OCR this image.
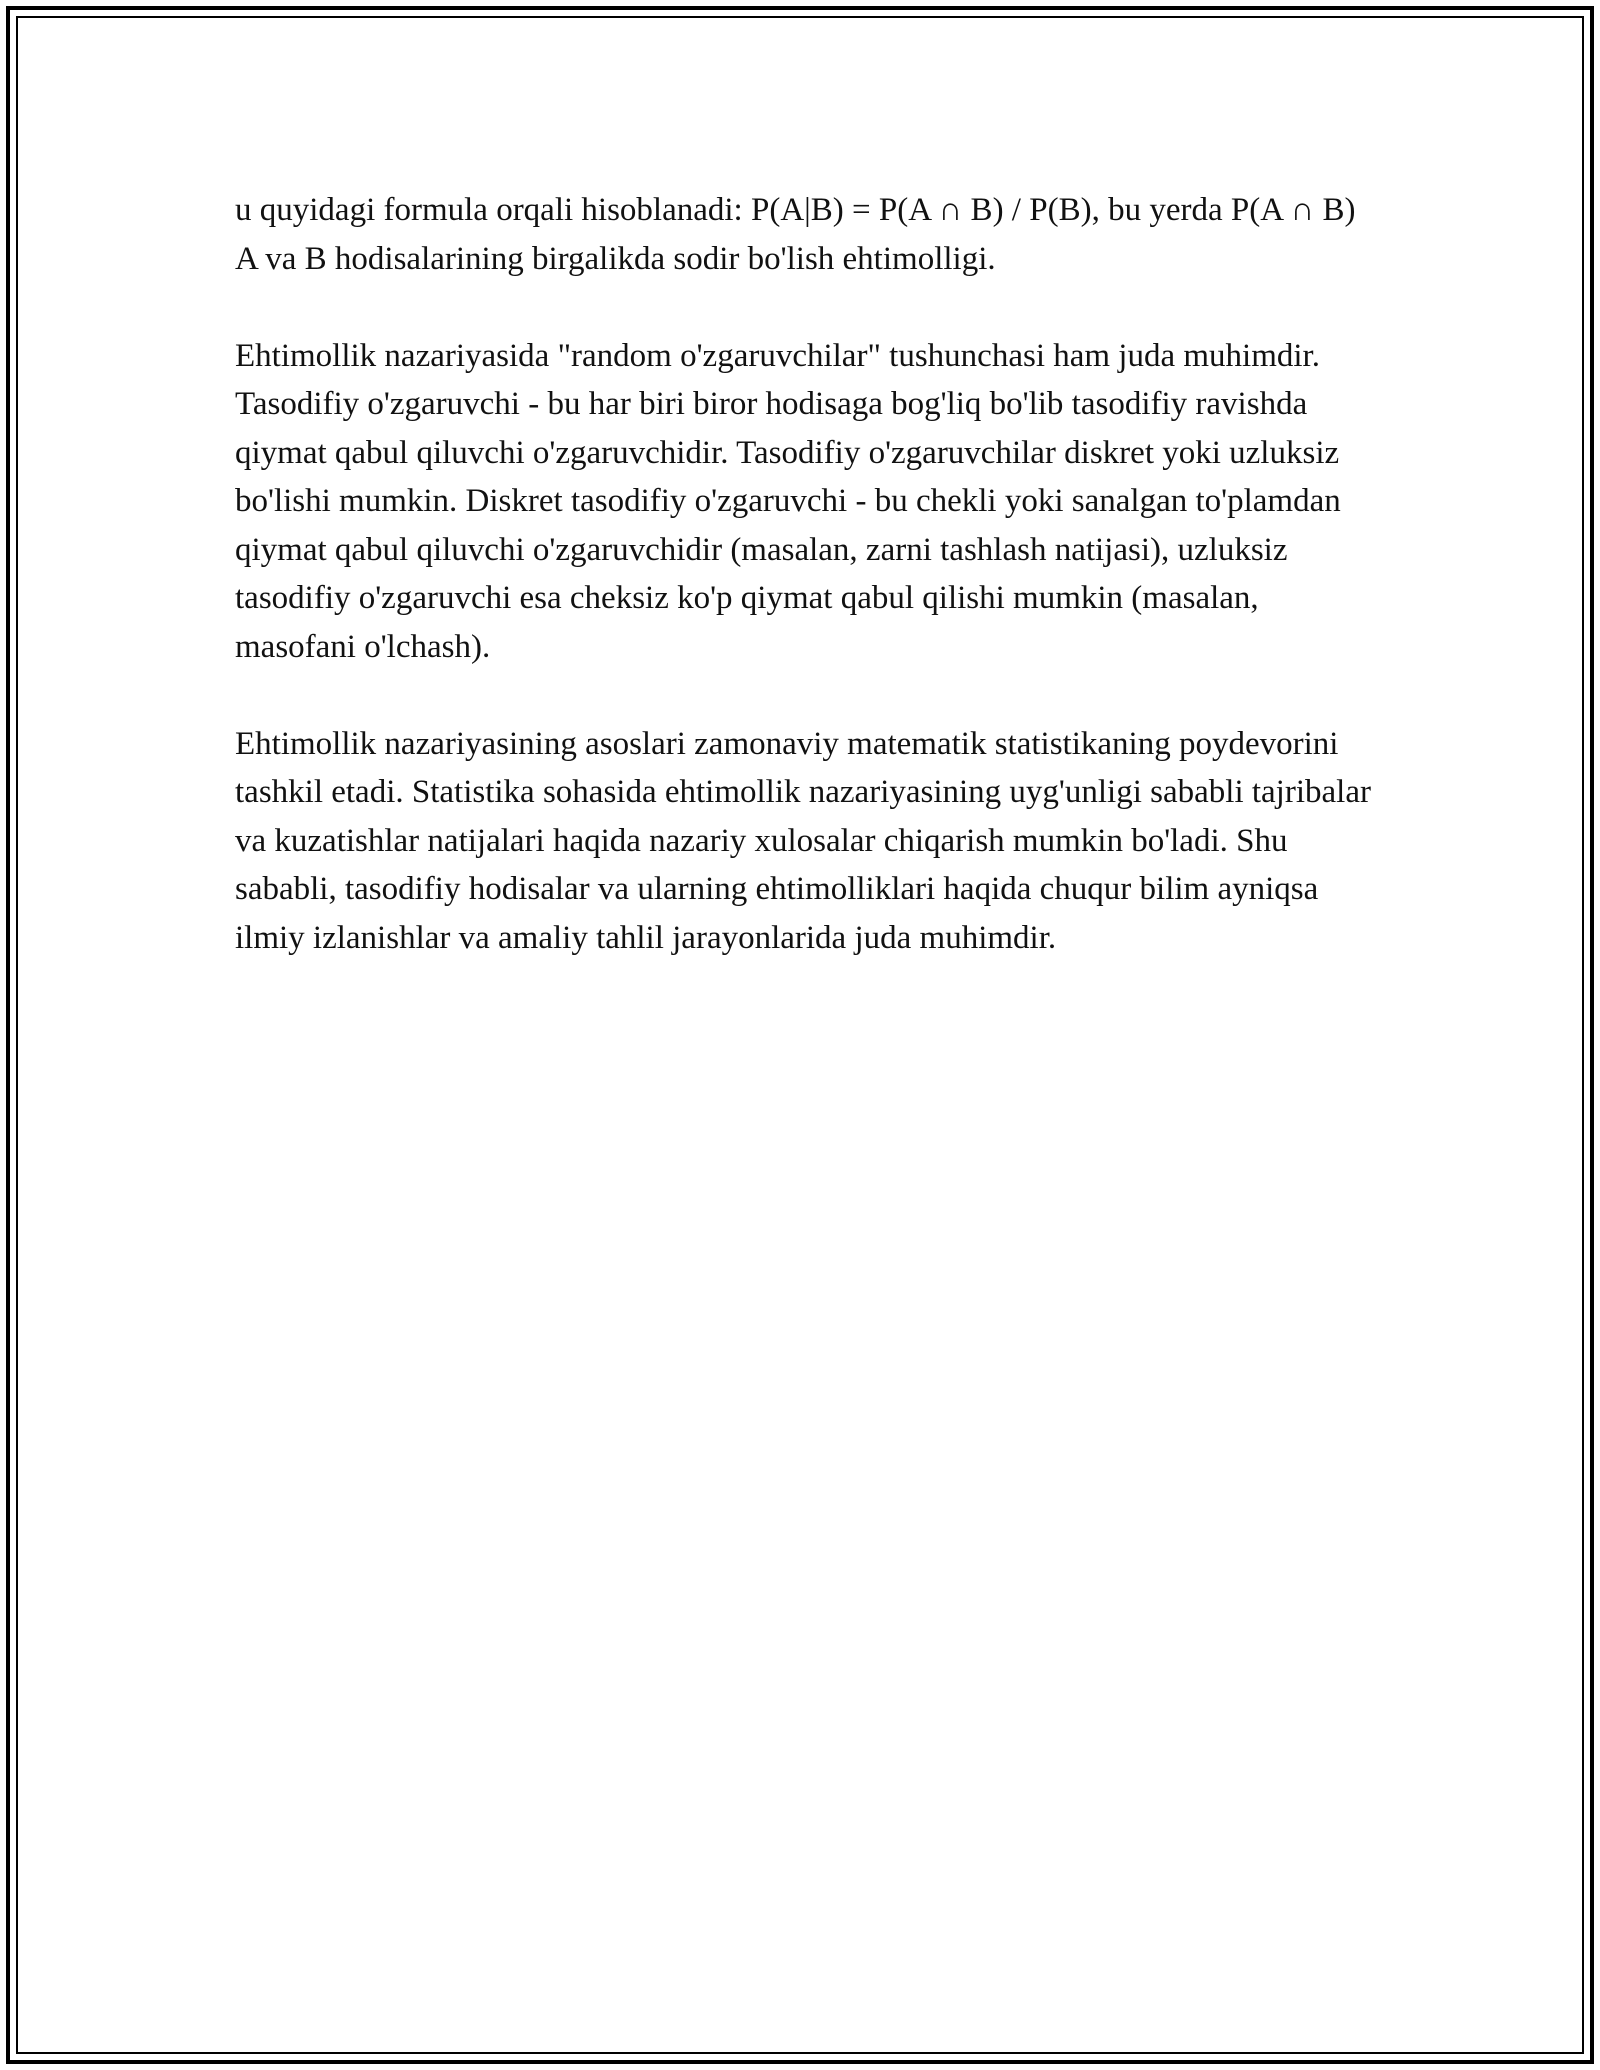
u quyidagi formula orqali hisoblanadi: P(A|B) = P(A ∩ B) / P(B), bu yerda P(A ∩ B) A va B hodisalarining birgalikda sodir bo'lish ehtimolligi.

Ehtimollik nazariyasida "random o'zgaruvchilar" tushunchasi ham juda muhimdir. Tasodifiy o'zgaruvchi - bu har biri biror hodisaga bog'liq bo'lib tasodifiy ravishda qiymat qabul qiluvchi o'zgaruvchidir. Tasodifiy o'zgaruvchilar diskret yoki uzluksiz bo'lishi mumkin. Diskret tasodifiy o'zgaruvchi - bu chekli yoki sanalgan to'plamdan qiymat qabul qiluvchi o'zgaruvchidir (masalan, zarni tashlash natijasi), uzluksiz tasodifiy o'zgaruvchi esa cheksiz ko'p qiymat qabul qilishi mumkin (masalan, masofani o'lchash).

Ehtimollik nazariyasining asoslari zamonaviy matematik statistikaning poydevorini tashkil etadi. Statistika sohasida ehtimollik nazariyasining uyg'unligi sababli tajribalar va kuzatishlar natijalari haqida nazariy xulosalar chiqarish mumkin bo'ladi. Shu sababli, tasodifiy hodisalar va ularning ehtimolliklari haqida chuqur bilim ayniqsa ilmiy izlanishlar va amaliy tahlil jarayonlarida juda muhimdir.
